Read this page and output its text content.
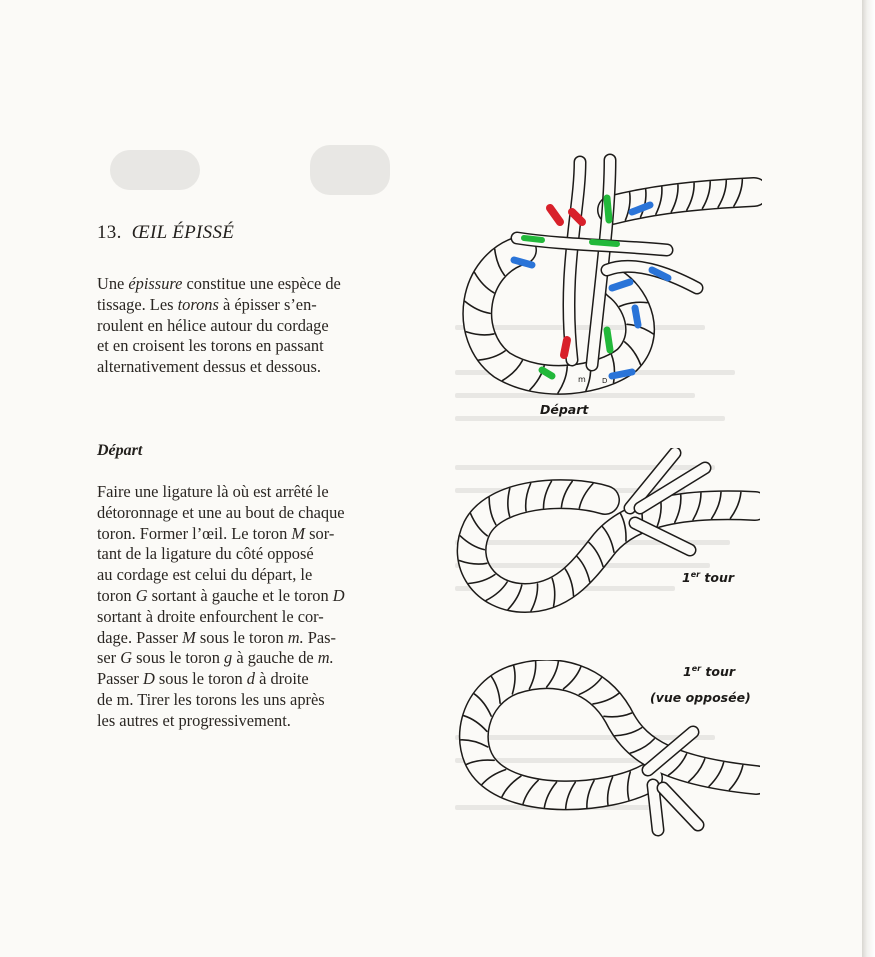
13. ŒIL ÉPISSÉ
Une épissure constitue une espèce de
tissage. Les torons à épisser s’en-
roulent en hélice autour du cordage
et en croisent les torons en passant
alternativement dessus et dessous.
Départ
Faire une ligature là où est arrêté le
détoronnage et une au bout de chaque
toron. Former l’œil. Le toron M sor-
tant de la ligature du côté opposé
au cordage est celui du départ, le
toron G sortant à gauche et le toron D
sortant à droite enfourchent le cor-
dage. Passer M sous le toron m. Pas-
ser G sous le toron g à gauche de m.
Passer D sous le toron d à droite
de m. Tirer les torons les uns après
les autres et progressivement.
m D
Départ
1er tour
1er tour
(vue opposée)
